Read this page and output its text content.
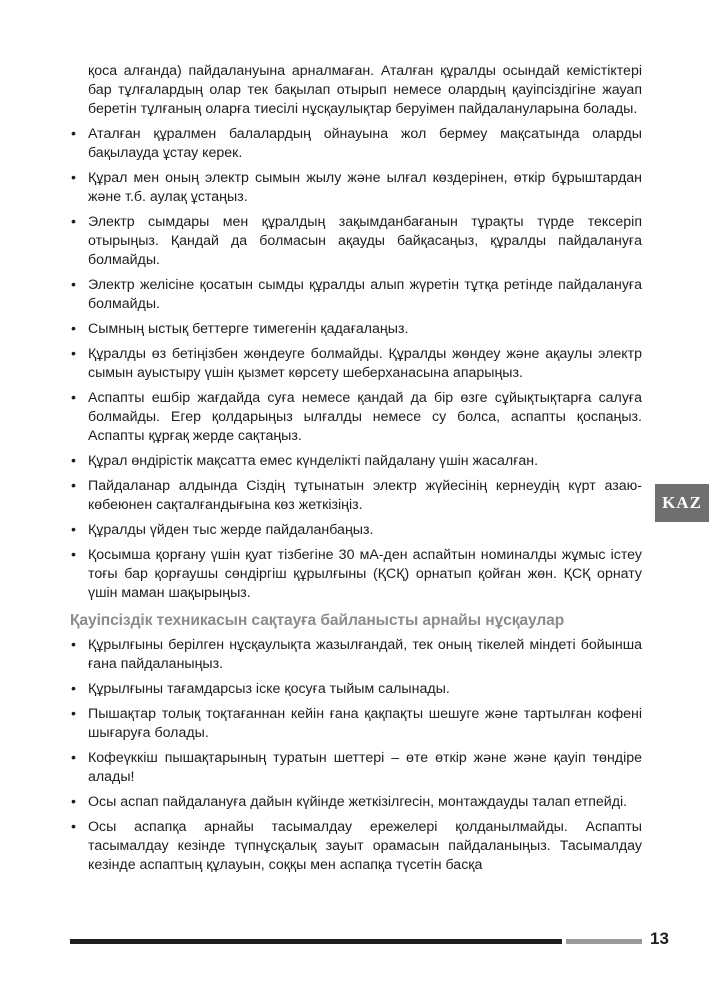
қоса алғанда) пайдалануына арналмаған. Аталған құралды осындай кемістіктері бар тұлғалардың олар тек бақылап отырып немесе олардың қауіпсіздігіне жауап беретін тұлғаның оларға тиесілі нұсқаулықтар беруімен пайдалануларына болады.

• Аталған құралмен балалардың ойнауына жол бермеу мақсатында оларды бақылауда ұстау керек.
• Құрал мен оның электр сымын жылу және ылғал көздерінен, өткір бұрыштардан және т.б. аулақ ұстаңыз.
• Электр сымдары мен құралдың зақымданбағанын тұрақты түрде тексеріп отырыңыз. Қандай да болмасын ақауды байқасаңыз, құралды пайдалануға болмайды.
• Электр желісіне қосатын сымды құралды алып жүретін тұтқа ретінде пайдалануға болмайды.
• Сымның ыстық беттерге тимегенін қадағалаңыз.
• Құралды өз бетіңізбен жөндеуге болмайды. Құралды жөндеу және ақаулы электр сымын ауыстыру үшін қызмет көрсету шеберханасына апарыңыз.
• Аспапты ешбір жағдайда суға немесе қандай да бір өзге сұйықтықтарға салуға болмайды. Егер қолдарыңыз ылғалды немесе су болса, аспапты қоспаңыз. Аспапты құрғақ жерде сақтаңыз.
• Құрал өндірістік мақсатта емес күнделікті пайдалану үшін жасалған.
• Пайдаланар алдында Сіздің тұтынатын электр жүйесінің кернеудің күрт азаю-көбеюнен сақталғандығына көз жеткізіңіз.
• Құралды үйден тыс жерде пайдаланбаңыз.
• Қосымша қорғану үшін қуат тізбегіне 30 мА-ден аспайтын номиналды жұмыс істеу тоғы бар қорғаушы сөндіргіш құрылғыны (ҚСҚ) орнатып қойған жөн. ҚСҚ орнату үшін маман шақырыңыз.
Қауіпсіздік техникасын сақтауға байланысты арнайы нұсқаулар
• Құрылғыны берілген нұсқаулықта жазылғандай, тек оның тікелей міндеті бойынша ғана пайдаланыңыз.
• Құрылғыны тағамдарсыз іске қосуға тыйым салынады.
• Пышақтар толық тоқтағаннан кейін ғана қақпақты шешуге және тартылған кофені шығаруға болады.
• Кофеүккіш пышақтарының туратын шеттері – өте өткір және және қауіп төндіре алады!
• Осы аспап пайдалануға дайын күйінде жеткізілгесін, монтаждауды талап етпейді.
• Осы аспапқа арнайы тасымалдау ережелері қолданылмайды. Аспапты тасымалдау кезінде түпнұсқалық зауыт орамасын пайдаланыңыз. Тасымалдау кезінде аспаптың құлауын, соққы мен аспапқа түсетін басқа
KAZ
13
